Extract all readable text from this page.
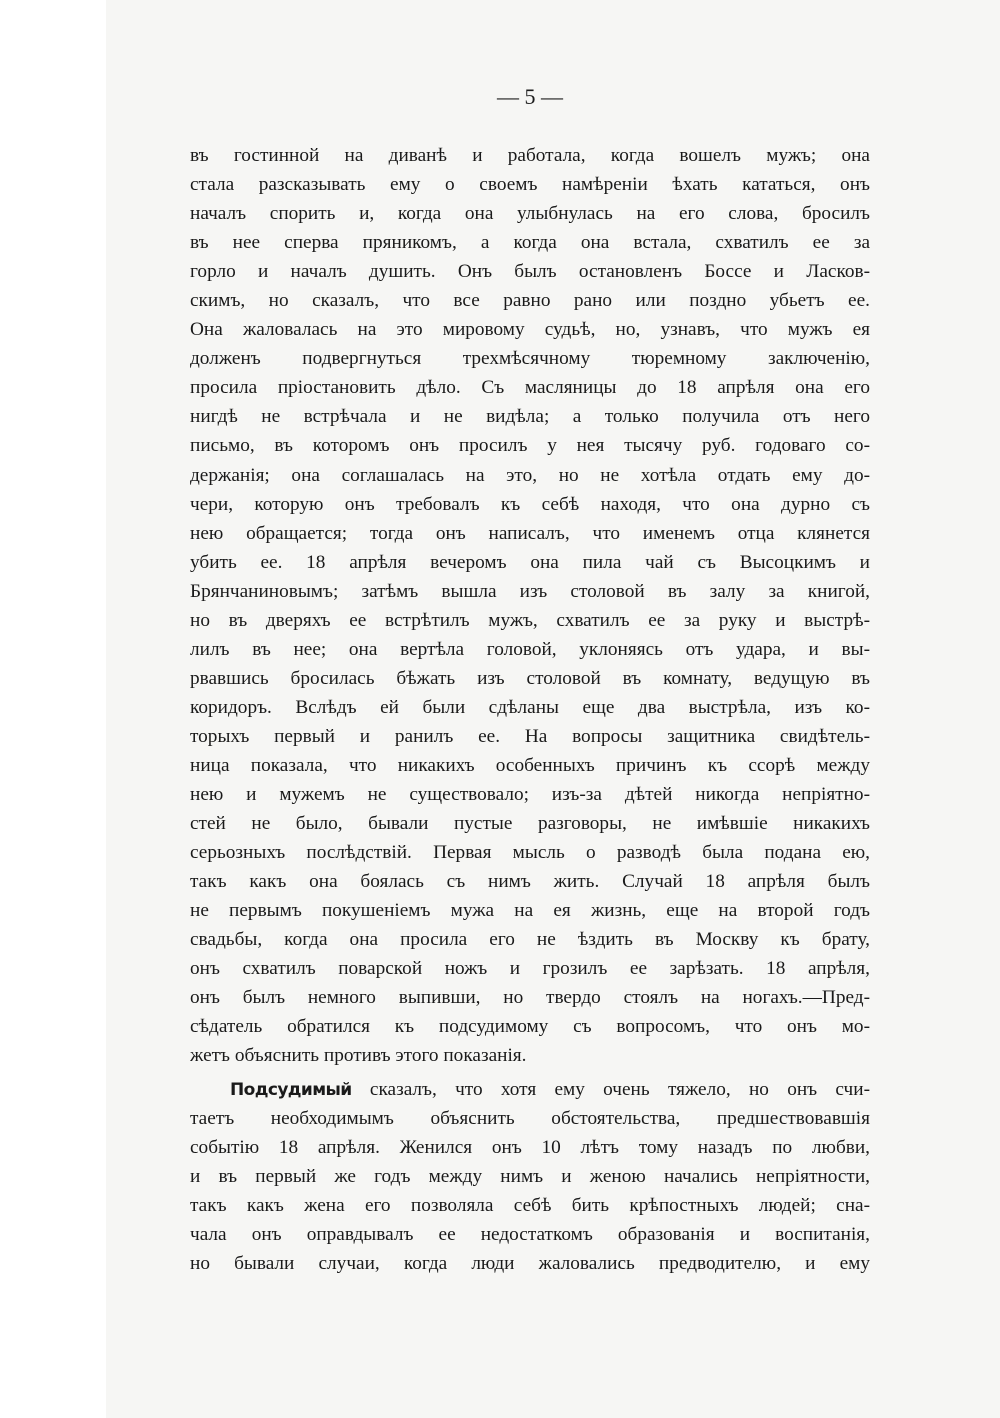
— 5 —
въ гостинной на диванѣ и работала, когда вошелъ мужъ; она
стала разсказывать ему о своемъ намѣреніи ѣхать кататься, онъ
началъ спорить и, когда она улыбнулась на его слова, бросилъ
въ нее сперва пряникомъ, а когда она встала, схватилъ ее за
горло и началъ душить. Онъ былъ остановленъ Боссе и Ласков-
скимъ, но сказалъ, что все равно рано или поздно убьетъ ее.
Она жаловалась на это мировому судьѣ, но, узнавъ, что мужъ ея
долженъ подвергнуться трехмѣсячному тюремному заключенію,
просила пріостановить дѣло. Съ масляницы до 18 апрѣля она его
нигдѣ не встрѣчала и не видѣла; а только получила отъ него
письмо, въ которомъ онъ просилъ у нея тысячу руб. годоваго со-
держанія; она соглашалась на это, но не хотѣла отдать ему до-
чери, которую онъ требовалъ къ себѣ находя, что она дурно съ
нею обращается; тогда онъ написалъ, что именемъ отца клянется
убить ее. 18 апрѣля вечеромъ она пила чай съ Высоцкимъ и
Брянчаниновымъ; затѣмъ вышла изъ столовой въ залу за книгой,
но въ дверяхъ ее встрѣтилъ мужъ, схватилъ ее за руку и выстрѣ-
лилъ въ нее; она вертѣла головой, уклоняясь отъ удара, и вы-
рвавшись бросилась бѣжать изъ столовой въ комнату, ведущую въ
коридоръ. Вслѣдъ ей были сдѣланы еще два выстрѣла, изъ ко-
торыхъ первый и ранилъ ее. На вопросы защитника свидѣтель-
ница показала, что никакихъ особенныхъ причинъ къ ссорѣ между
нею и мужемъ не существовало; изъ-за дѣтей никогда непріятно-
стей не было, бывали пустые разговоры, не имѣвшіе никакихъ
серьозныхъ послѣдствій. Первая мысль о разводѣ была подана ею,
такъ какъ она боялась съ нимъ жить. Случай 18 апрѣля былъ
не первымъ покушеніемъ мужа на ея жизнь, еще на второй годъ
свадьбы, когда она просила его не ѣздить въ Москву къ брату,
онъ схватилъ поварской ножъ и грозилъ ее зарѣзать. 18 апрѣля,
онъ былъ немного выпивши, но твердо стоялъ на ногахъ.—Пред-
сѣдатель обратился къ подсудимому съ вопросомъ, что онъ мо-
жетъ объяснить противъ этого показанія.
Подсудимый сказалъ, что хотя ему очень тяжело, но онъ счи-
таетъ необходимымъ объяснить обстоятельства, предшествовавшія
событію 18 апрѣля. Женился онъ 10 лѣтъ тому назадъ по любви,
и въ первый же годъ между нимъ и женою начались непріятности,
такъ какъ жена его позволяла себѣ бить крѣпостныхъ людей; сна-
чала онъ оправдывалъ ее недостаткомъ образованія и воспитанія,
но бывали случаи, когда люди жаловались предводителю, и ему
